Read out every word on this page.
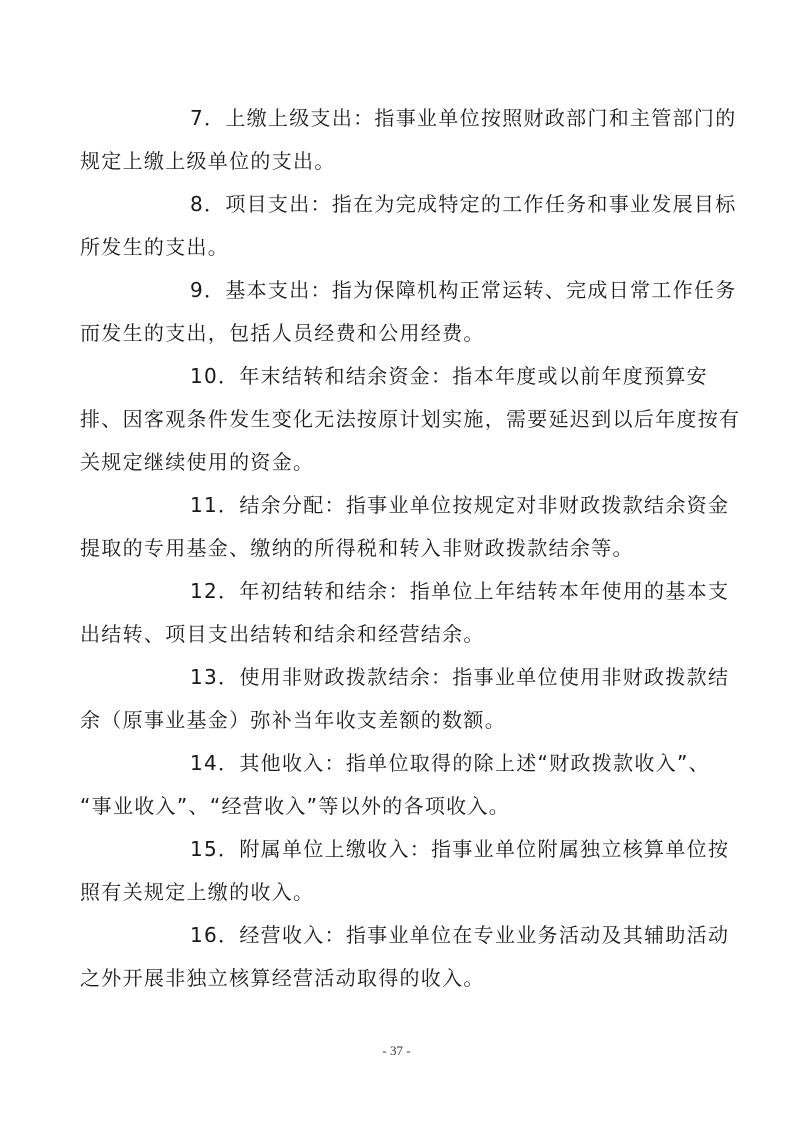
7．上缴上级支出：指事业单位按照财政部门和主管部门的
规定上缴上级单位的支出。
8．项目支出：指在为完成特定的工作任务和事业发展目标
所发生的支出。
9．基本支出：指为保障机构正常运转、完成日常工作任务
而发生的支出，包括人员经费和公用经费。
10．年末结转和结余资金：指本年度或以前年度预算安
排、因客观条件发生变化无法按原计划实施，需要延迟到以后年度按有
关规定继续使用的资金。
11．结余分配：指事业单位按规定对非财政拨款结余资金
提取的专用基金、缴纳的所得税和转入非财政拨款结余等。
12．年初结转和结余：指单位上年结转本年使用的基本支
出结转、项目支出结转和结余和经营结余。
13．使用非财政拨款结余：指事业单位使用非财政拨款结
余（原事业基金）弥补当年收支差额的数额。
14．其他收入：指单位取得的除上述“财政拨款收入”、
“事业收入”、“经营收入”等以外的各项收入。
15．附属单位上缴收入：指事业单位附属独立核算单位按
照有关规定上缴的收入。
16．经营收入：指事业单位在专业业务活动及其辅助活动
之外开展非独立核算经营活动取得的收入。
- 37 -
